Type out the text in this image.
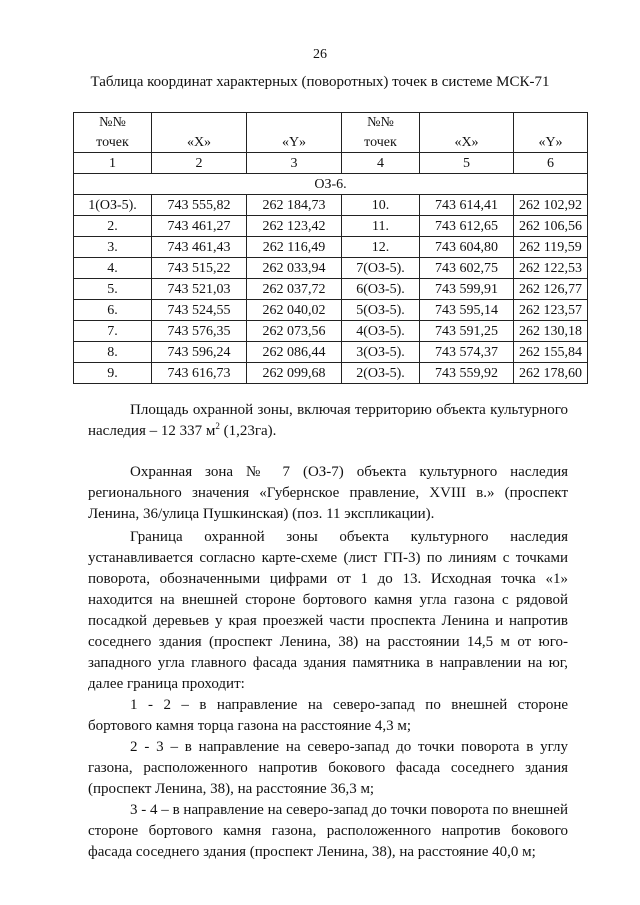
26
Таблица координат характерных (поворотных) точек в системе МСК-71
№№			№№		
точек	«X»	«Y»	точек	«X»	«Y»
1	2	3	4	5	6
ОЗ-6.					
1(ОЗ-5).	743 555,82	262 184,73	10.	743 614,41	262 102,92
2.	743 461,27	262 123,42	11.	743 612,65	262 106,56
3.	743 461,43	262 116,49	12.	743 604,80	262 119,59
4.	743 515,22	262 033,94	7(ОЗ-5).	743 602,75	262 122,53
5.	743 521,03	262 037,72	6(ОЗ-5).	743 599,91	262 126,77
6.	743 524,55	262 040,02	5(ОЗ-5).	743 595,14	262 123,57
7.	743 576,35	262 073,56	4(ОЗ-5).	743 591,25	262 130,18
8.	743 596,24	262 086,44	3(ОЗ-5).	743 574,37	262 155,84
9.	743 616,73	262 099,68	2(ОЗ-5).	743 559,92	262 178,60

Площадь охранной зоны, включая территорию объекта культурного наследия – 12 337 $м^2$ (1,23га).

Охранная зона № 7 (ОЗ-7) объекта культурного наследия регионального значения «Губернское правление, XVIII в.» (проспект Ленина, 36/улица Пушкинская) (поз. 11 экспликации).

Граница охранной зоны объекта культурного наследия устанавливается согласно карте-схеме (лист ГП-3) по линиям с точками поворота, обозначенными цифрами от 1 до 13. Исходная точка «1» находится на внешней стороне бортового камня угла газона с рядовой посадкой деревьев у края проезжей части проспекта Ленина и напротив соседнего здания (проспект Ленина, 38) на расстоянии 14,5 м от юго-западного угла главного фасада здания памятника в направлении на юг, далее граница проходит:

1 - 2 – в направление на северо-запад по внешней стороне бортового камня торца газона на расстояние 4,3 м;

2 - 3 – в направление на северо-запад до точки поворота в углу газона, расположенного напротив бокового фасада соседнего здания (проспект Ленина, 38), на расстояние 36,3 м;

3 - 4 – в направление на северо-запад до точки поворота по внешней стороне бортового камня газона, расположенного напротив бокового фасада соседнего здания (проспект Ленина, 38), на расстояние 40,0 м;
